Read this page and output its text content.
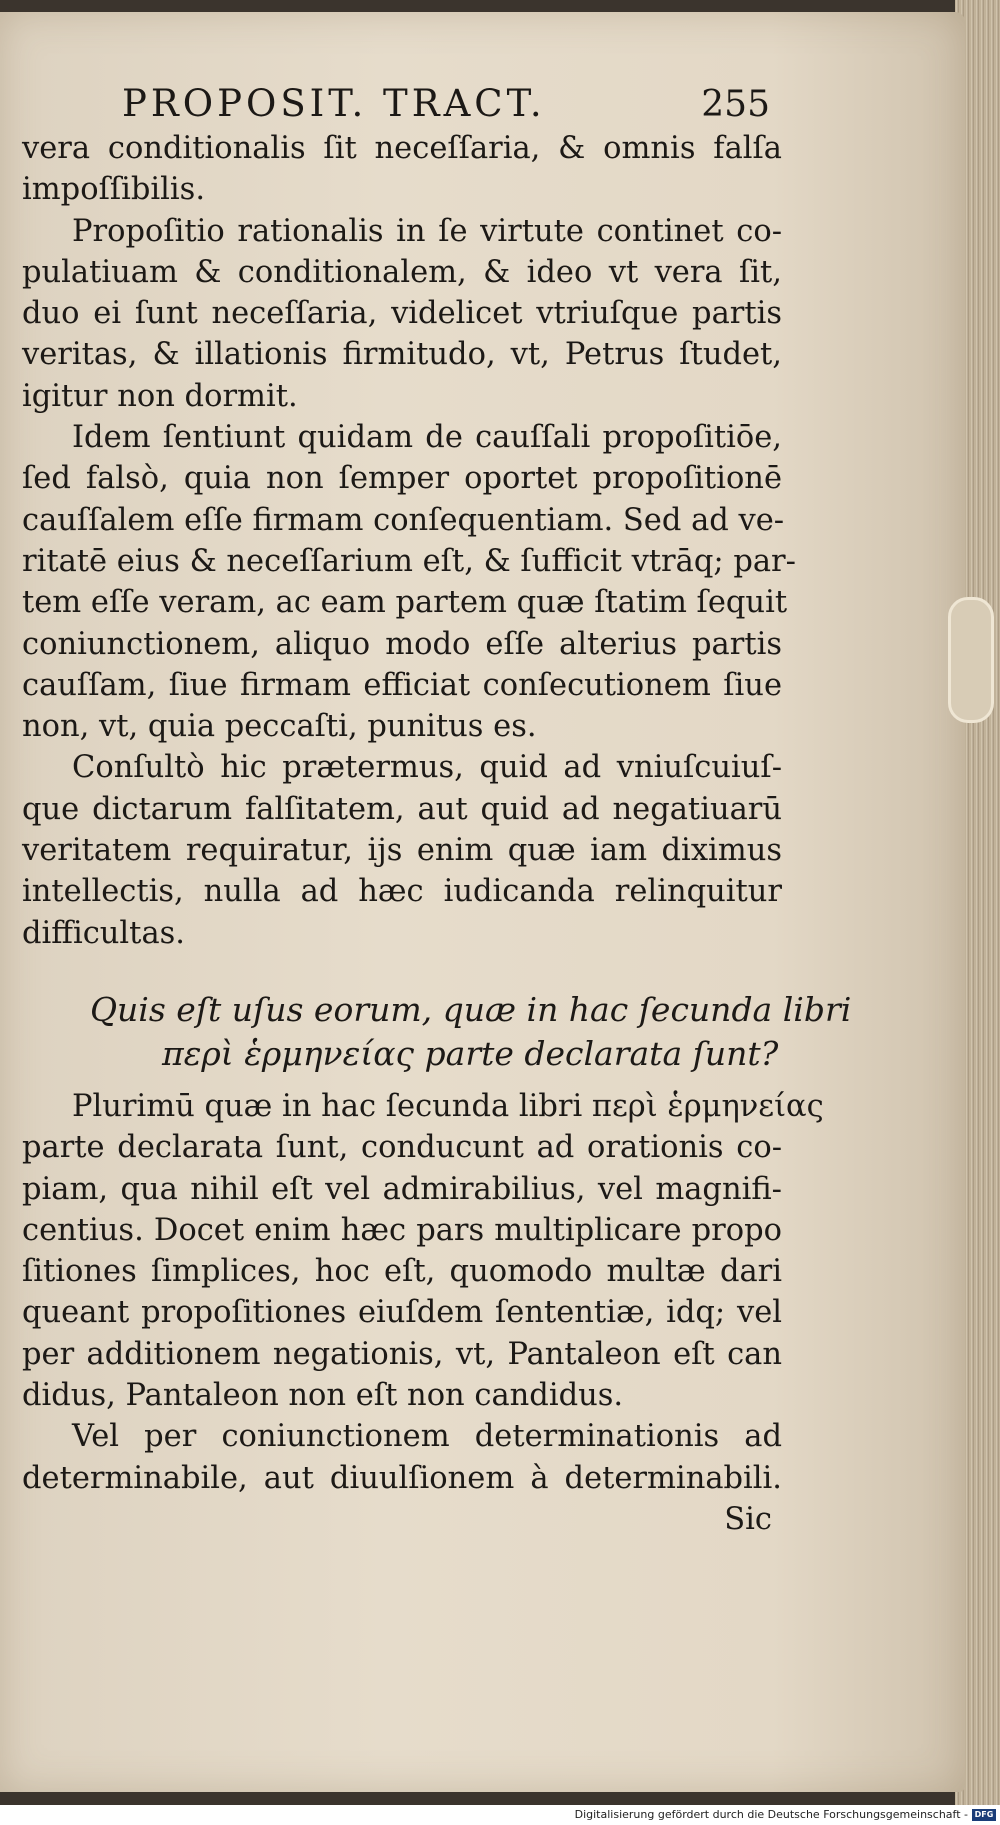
PROPOSIT. TRACT.	255
vera conditionalis ſit neceſſaria, & omnis falſa
impoſſibilis.
Propoſitio rationalis in ſe virtute continet co-
pulatiuam & conditionalem, & ideo vt vera ſit,
duo ei ſunt neceſſaria, videlicet vtriuſque partis
veritas, & illationis firmitudo, vt, Petrus ſtudet,
igitur non dormit.
Idem ſentiunt quidam de cauſſali propoſitiōe,
ſed falsò, quia non ſemper oportet propoſitionē
cauſſalem eſſe firmam conſequentiam. Sed ad ve-
ritatē eius & neceſſarium eſt, & ſufficit vtrāq; par-
tem eſſe veram, ac eam partem quæ ſtatim ſequit
coniunctionem, aliquo modo eſſe alterius partis
cauſſam, ſiue firmam efficiat conſecutionem ſiue
non, vt, quia peccaſti, punitus es.
Conſultò hic prætermus, quid ad vniuſcuiuſ-
que dictarum falſitatem, aut quid ad negatiuarū
veritatem requiratur, ijs enim quæ iam diximus
intellectis, nulla ad hæc iudicanda relinquitur
difficultas.
Quis eſt uſus eorum, quæ in hac ſecunda libri
περὶ ἑρμηνείας parte declarata ſunt?
Plurimū quæ in hac ſecunda libri περὶ ἑρμηνείας
parte declarata ſunt, conducunt ad orationis co-
piam, qua nihil eſt vel admirabilius, vel magnifi-
centius. Docet enim hæc pars multiplicare propo
ſitiones ſimplices, hoc eſt, quomodo multæ dari
queant propoſitiones eiuſdem ſententiæ, idq; vel
per additionem negationis, vt, Pantaleon eſt can
didus, Pantaleon non eſt non candidus.
Vel per coniunctionem determinationis ad
determinabile, aut diuulſionem à determinabili.
Sic
Digitalisierung gefördert durch die Deutsche Forschungsgemeinschaft - DFG
